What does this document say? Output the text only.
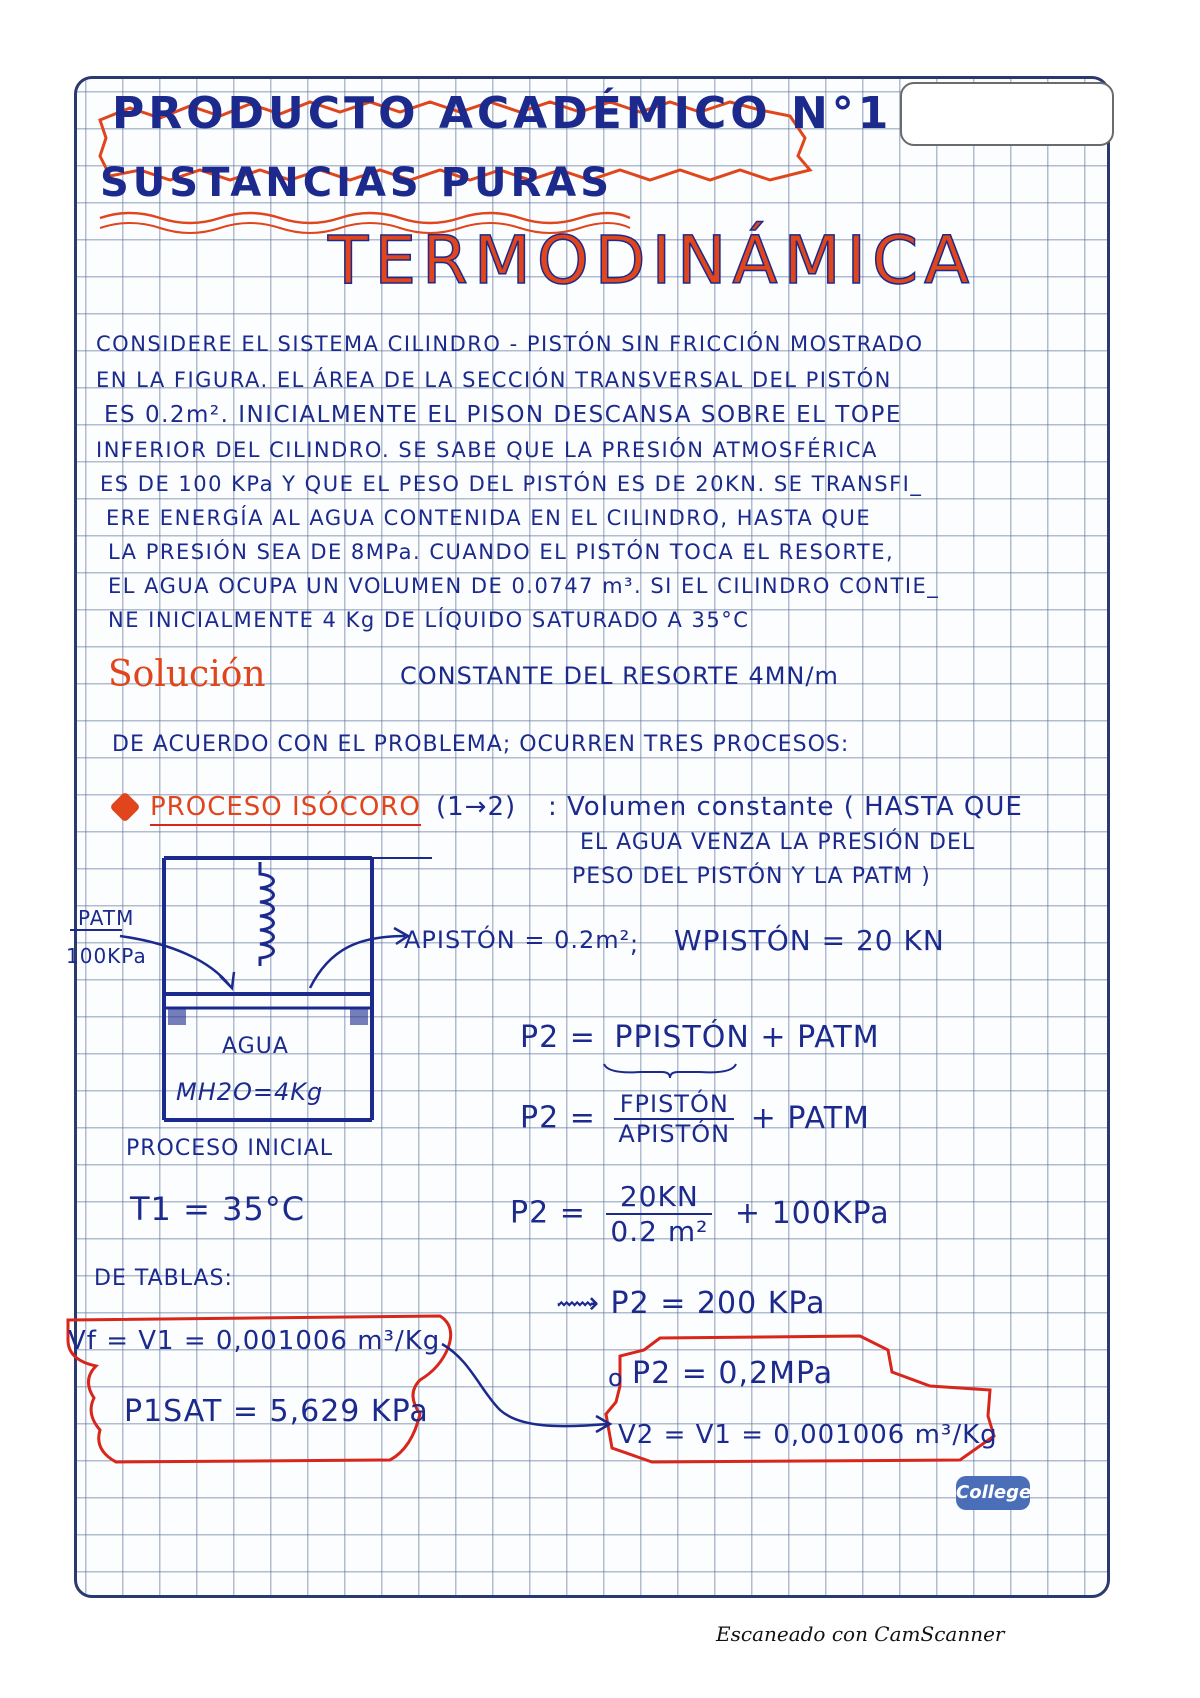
PRODUCTO ACADÉMICO N°1
SUSTANCIAS PURAS
TERMODINÁMICA
CONSIDERE EL SISTEMA CILINDRO - PISTÓN SIN FRICCIÓN MOSTRADO
EN LA FIGURA. EL ÁREA DE LA SECCIÓN TRANSVERSAL DEL PISTÓN
ES 0.2m². INICIALMENTE EL PISON DESCANSA SOBRE EL TOPE
INFERIOR DEL CILINDRO. SE SABE QUE LA PRESIÓN ATMOSFÉRICA
ES DE 100 KPa Y QUE EL PESO DEL PISTÓN ES DE 20KN. SE TRANSFI_
ERE ENERGÍA AL AGUA CONTENIDA EN EL CILINDRO, HASTA QUE
LA PRESIÓN SEA DE 8MPa. CUANDO EL PISTÓN TOCA EL RESORTE,
EL AGUA OCUPA UN VOLUMEN DE 0.0747 m³. SI EL CILINDRO CONTIE_
NE INICIALMENTE 4 Kg DE LÍQUIDO SATURADO A 35°C
Solución	CONSTANTE DEL RESORTE 4MN/m
DE ACUERDO CON EL PROBLEMA; OCURREN TRES PROCESOS:
PROCESO ISÓCORO (1→2) : Volumen constante ( HASTA QUE
EL AGUA VENZA LA PRESIÓN DEL
PESO DEL PISTÓN Y LA PATM )
PATM
100KPa
AGUA
MH2O=4Kg
PROCESO INICIAL
APISTÓN = 0.2m² ; WPISTÓN = 20 KN
P2 = PPISTÓN + PATM
$P2 = \frac{\text{FPISTÓN}}{\text{APISTÓN}}$ + PATM
$P2 = \frac{20KN}{\text{0.2 m²}} + 100KPa$
⟿ P2 = 200 KPa
T1 = 35°C
DE TABLAS:
Vf = V1 = 0,001006 m³/Kg
P1SAT = 5,629 KPa
o P2 = 0,2MPa
V2 = V1 = 0,001006 m³/Kg
College
Escaneado con CamScanner
